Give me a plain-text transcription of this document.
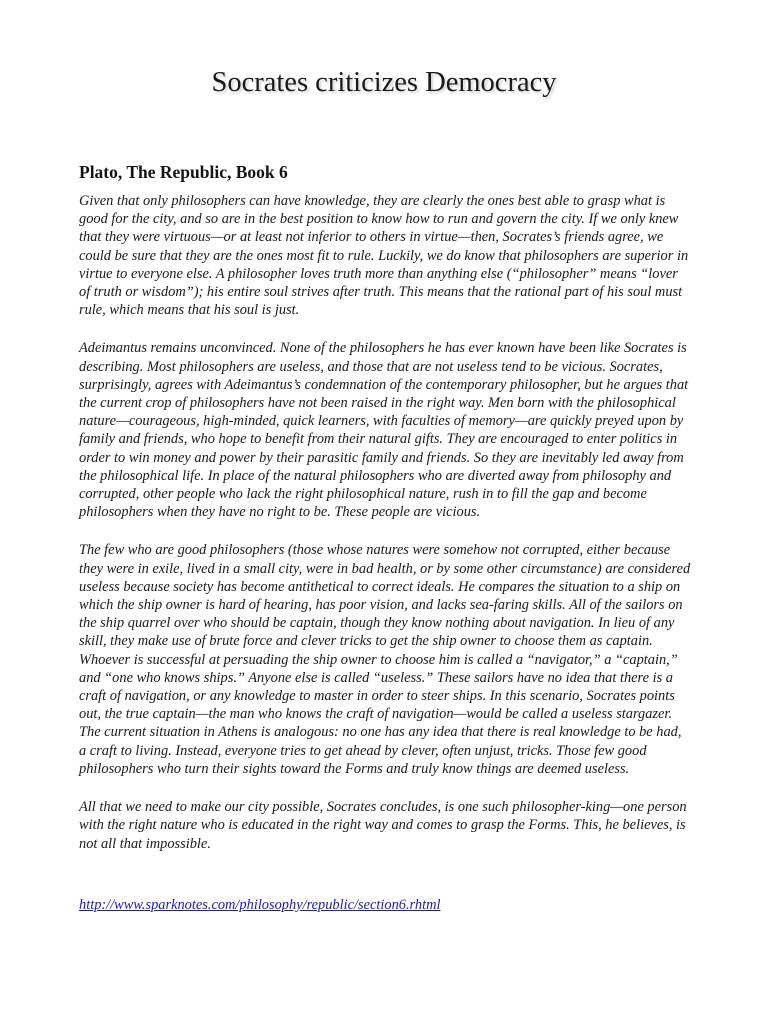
Socrates criticizes Democracy
Plato, The Republic, Book 6

Given that only philosophers can have knowledge, they are clearly the ones best able to grasp what is good for the city, and so are in the best position to know how to run and govern the city. If we only knew that they were virtuous—or at least not inferior to others in virtue—then, Socrates’s friends agree, we could be sure that they are the ones most fit to rule. Luckily, we do know that philosophers are superior in virtue to everyone else. A philosopher loves truth more than anything else (“philosopher” means “lover of truth or wisdom”); his entire soul strives after truth. This means that the rational part of his soul must rule, which means that his soul is just.

Adeimantus remains unconvinced. None of the philosophers he has ever known have been like Socrates is describing. Most philosophers are useless, and those that are not useless tend to be vicious. Socrates, surprisingly, agrees with Adeimantus’s condemnation of the contemporary philosopher, but he argues that the current crop of philosophers have not been raised in the right way. Men born with the philosophical nature—courageous, high-minded, quick learners, with faculties of memory—are quickly preyed upon by family and friends, who hope to benefit from their natural gifts. They are encouraged to enter politics in order to win money and power by their parasitic family and friends. So they are inevitably led away from the philosophical life. In place of the natural philosophers who are diverted away from philosophy and corrupted, other people who lack the right philosophical nature, rush in to fill the gap and become philosophers when they have no right to be. These people are vicious.

The few who are good philosophers (those whose natures were somehow not corrupted, either because they were in exile, lived in a small city, were in bad health, or by some other circumstance) are considered useless because society has become antithetical to correct ideals. He compares the situation to a ship on which the ship owner is hard of hearing, has poor vision, and lacks sea-faring skills. All of the sailors on the ship quarrel over who should be captain, though they know nothing about navigation. In lieu of any skill, they make use of brute force and clever tricks to get the ship owner to choose them as captain. Whoever is successful at persuading the ship owner to choose him is called a “navigator,” a “captain,” and “one who knows ships.” Anyone else is called “useless.” These sailors have no idea that there is a craft of navigation, or any knowledge to master in order to steer ships. In this scenario, Socrates points out, the true captain—the man who knows the craft of navigation—would be called a useless stargazer. The current situation in Athens is analogous: no one has any idea that there is real knowledge to be had, a craft to living. Instead, everyone tries to get ahead by clever, often unjust, tricks. Those few good philosophers who turn their sights toward the Forms and truly know things are deemed useless.

All that we need to make our city possible, Socrates concludes, is one such philosopher-king—one person with the right nature who is educated in the right way and comes to grasp the Forms. This, he believes, is not all that impossible.

http://www.sparknotes.com/philosophy/republic/section6.rhtml
